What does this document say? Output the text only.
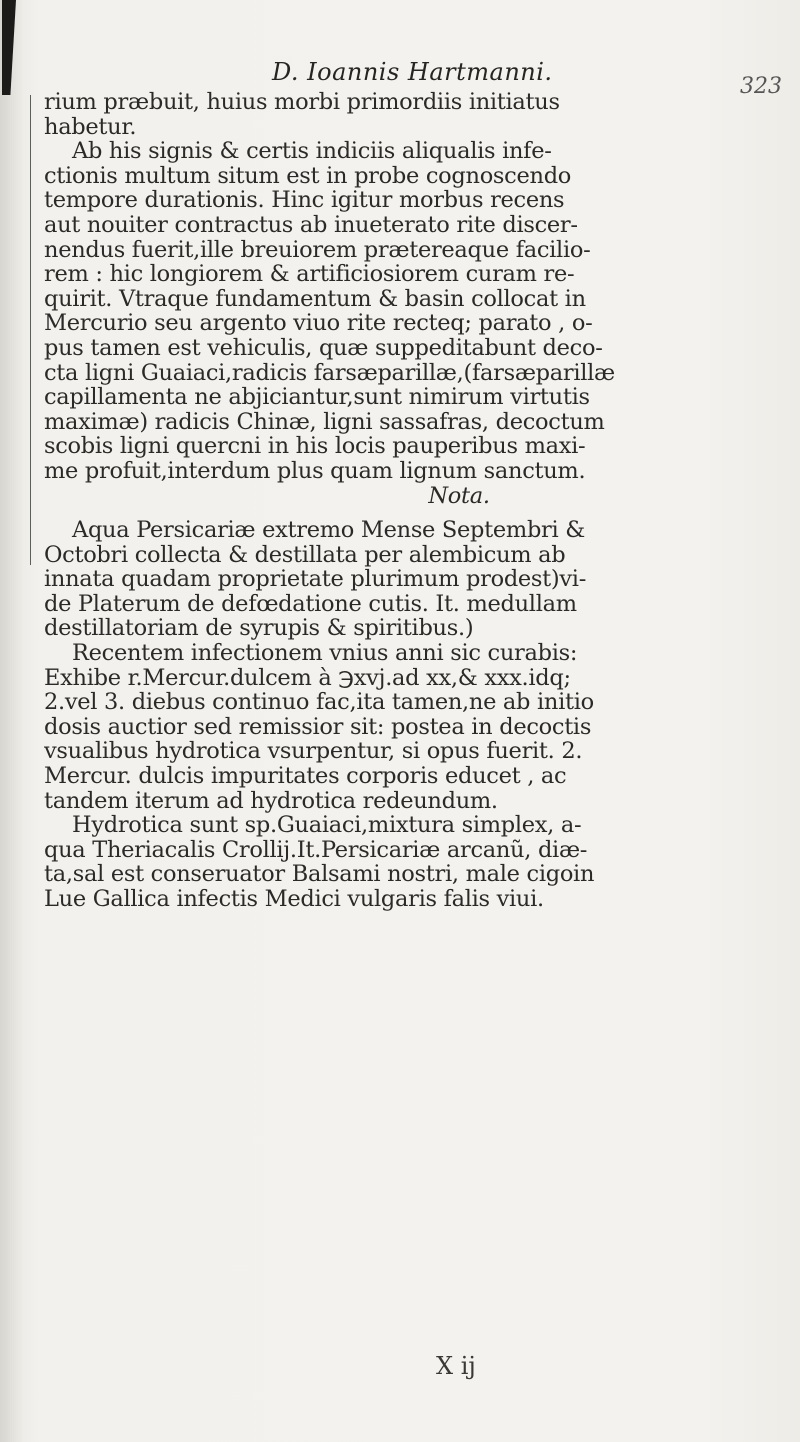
D. Ioannis Hartmanni.
323
rium præbuit, huius morbi primordiis initiatus
habetur.
Ab his signis & certis indiciis aliqualis infe-
ctionis multum situm est in probe cognoscendo
tempore durationis. Hinc igitur morbus recens
aut nouiter contractus ab inueterato rite discer-
nendus fuerit,ille breuiorem prætereaque facilio-
rem : hic longiorem & artificiosiorem curam re-
quirit. Vtraque fundamentum & basin collocat in
Mercurio seu argento viuo rite recteq; parato , o-
pus tamen est vehiculis, quæ suppeditabunt deco-
cta ligni Guaiaci,radicis farsæparillæ,(farsæparillæ
capillamenta ne abjiciantur,sunt nimirum virtutis
maximæ) radicis Chinæ, ligni sassafras, decoctum
scobis ligni quercni in his locis pauperibus maxi-
me profuit,interdum plus quam lignum sanctum.
Nota.
Aqua Persicariæ extremo Mense Septembri &
Octobri collecta & destillata per alembicum ab
innata quadam proprietate plurimum prodest)vi-
de Platerum de defœdatione cutis. It. medullam
destillatoriam de syrupis & spiritibus.)
Recentem infectionem vnius anni sic curabis:
Exhibe r.Mercur.dulcem à ℈xvj.ad xx,& xxx.idq;
2.vel 3. diebus continuo fac,ita tamen,ne ab initio
dosis auctior sed remissior sit: postea in decoctis
vsualibus hydrotica vsurpentur, si opus fuerit. 2.
Mercur. dulcis impuritates corporis educet , ac
tandem iterum ad hydrotica redeundum.
Hydrotica sunt sp.Guaiaci,mixtura simplex, a-
qua Theriacalis Crollij.It.Persicariæ arcanũ, diæ-
ta,sal est conseruator Balsami nostri, male cigoin
Lue Gallica infectis Medici vulgaris falis viui.
X ij
